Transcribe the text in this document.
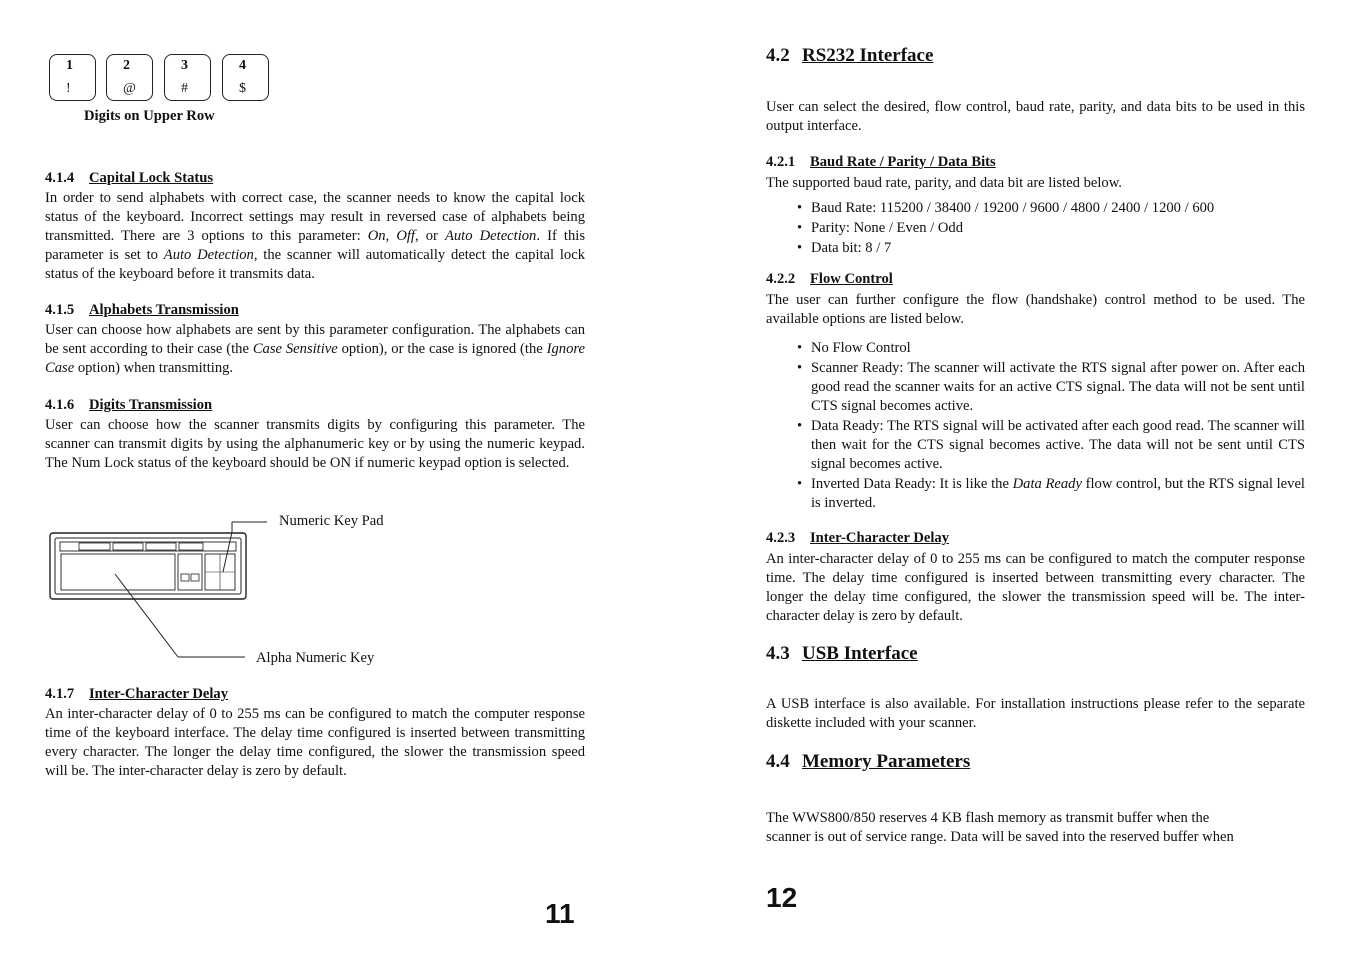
1
!
2
@
3
#
4
$
Digits on Upper Row
4.1.4 Capital Lock Status

In order to send alphabets with correct case, the scanner needs to know the capital lock status of the keyboard. Incorrect settings may result in reversed case of alphabets being transmitted. There are 3 options to this parameter: On, Off, or Auto Detection. If this parameter is set to Auto Detection, the scanner will automatically detect the capital lock status of the keyboard before it transmits data.

4.1.5 Alphabets Transmission

User can choose how alphabets are sent by this parameter configuration. The alphabets can be sent according to their case (the Case Sensitive option), or the case is ignored (the Ignore Case option) when transmitting.

4.1.6 Digits Transmission

User can choose how the scanner transmits digits by configuring this parameter. The scanner can transmit digits by using the alphanumeric key or by using the numeric keypad. The Num Lock status of the keyboard should be ON if numeric keypad option is selected.

Numeric Key Pad
Alpha Numeric Key
4.1.7 Inter-Character Delay

An inter-character delay of 0 to 255 ms can be configured to match the computer response time of the keyboard interface. The delay time configured is inserted between transmitting every character. The longer the delay time configured, the slower the transmission speed will be. The inter-character delay is zero by default.

11
4.2 RS232 Interface

User can select the desired, flow control, baud rate, parity, and data bits to be used in this output interface.

4.2.1 Baud Rate / Parity / Data Bits

The supported baud rate, parity, and data bit are listed below.

• Baud Rate: 115200 / 38400 / 19200 / 9600 / 4800 / 2400 / 1200 / 600
• Parity: None / Even / Odd
• Data bit: 8 / 7
4.2.2 Flow Control

The user can further configure the flow (handshake) control method to be used. The available options are listed below.

• No Flow Control
• Scanner Ready: The scanner will activate the RTS signal after power on. After each good read the scanner waits for an active CTS signal. The data will not be sent until CTS signal becomes active.
• Data Ready: The RTS signal will be activated after each good read. The scanner will then wait for the CTS signal becomes active. The data will not be sent until CTS signal becomes active.
• Inverted Data Ready: It is like the Data Ready flow control, but the RTS signal level is inverted.
4.2.3 Inter-Character Delay

An inter-character delay of 0 to 255 ms can be configured to match the computer response time. The delay time configured is inserted between transmitting every character. The longer the delay time configured, the slower the transmission speed will be. The inter-character delay is zero by default.

4.3 USB Interface

A USB interface is also available. For installation instructions please refer to the separate diskette included with your scanner.

4.4 Memory Parameters
The WWS800/850 reserves 4 KB flash memory as transmit buffer when the
scanner is out of service range. Data will be saved into the reserved buffer when
12
